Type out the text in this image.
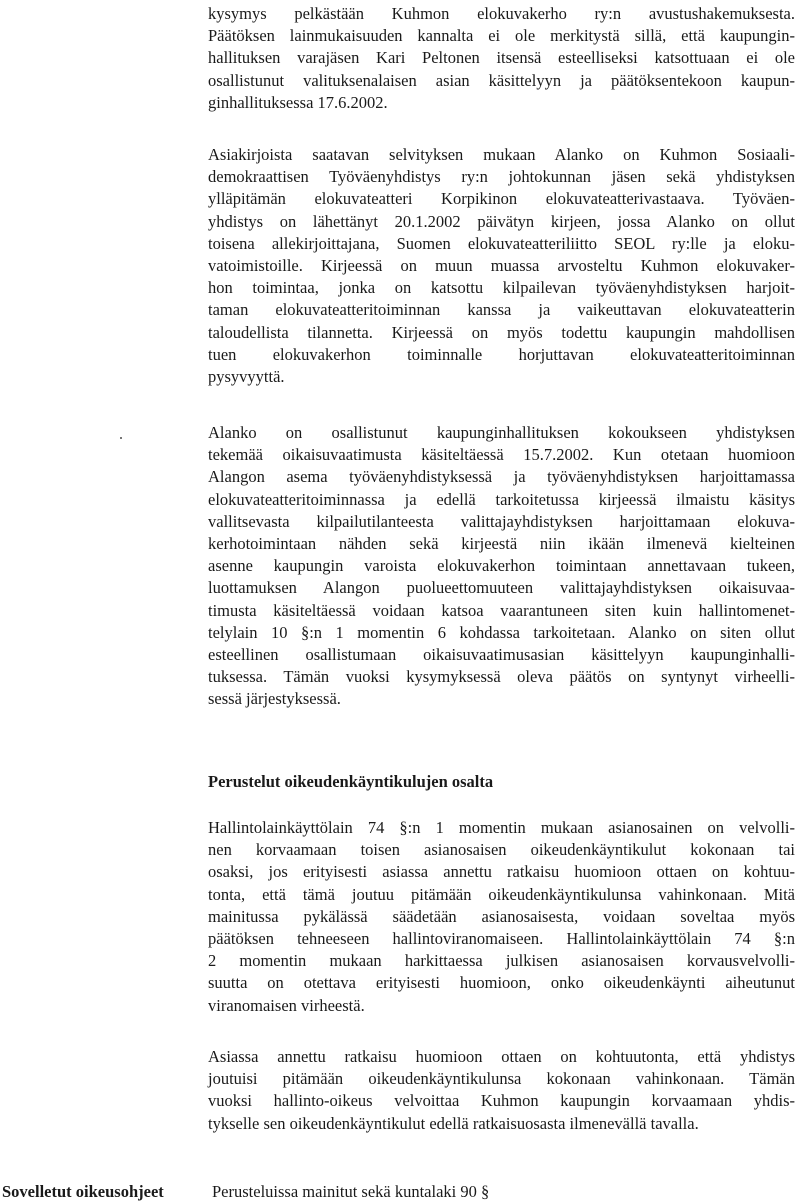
kysymys pelkästään Kuhmon elokuvakerho ry:n avustushakemuksesta.
Päätöksen lainmukaisuuden kannalta ei ole merkitystä sillä, että kaupungin-
hallituksen varajäsen Kari Peltonen itsensä esteelliseksi katsottuaan ei ole
osallistunut valituksenalaisen asian käsittelyyn ja päätöksentekoon kaupun-
ginhallituksessa 17.6.2002.
Asiakirjoista saatavan selvityksen mukaan Alanko on Kuhmon Sosiaali-
demokraattisen Työväenyhdistys ry:n johtokunnan jäsen sekä yhdistyksen
ylläpitämän elokuvateatteri Korpikinon elokuvateatterivastaava. Työväen-
yhdistys on lähettänyt 20.1.2002 päivätyn kirjeen, jossa Alanko on ollut
toisena allekirjoittajana, Suomen elokuvateatteriliitto SEOL ry:lle ja eloku-
vatoimistoille. Kirjeessä on muun muassa arvosteltu Kuhmon elokuvaker-
hon toimintaa, jonka on katsottu kilpailevan työväenyhdistyksen harjoit-
taman elokuvateatteritoiminnan kanssa ja vaikeuttavan elokuvateatterin
taloudellista tilannetta. Kirjeessä on myös todettu kaupungin mahdollisen
tuen elokuvakerhon toiminnalle horjuttavan elokuvateatteritoiminnan
pysyvyyttä.
Alanko on osallistunut kaupunginhallituksen kokoukseen yhdistyksen
tekemää oikaisuvaatimusta käsiteltäessä 15.7.2002. Kun otetaan huomioon
Alangon asema työväenyhdistyksessä ja työväenyhdistyksen harjoittamassa
elokuvateatteritoiminnassa ja edellä tarkoitetussa kirjeessä ilmaistu käsitys
vallitsevasta kilpailutilanteesta valittajayhdistyksen harjoittamaan elokuva-
kerhotoimintaan nähden sekä kirjeestä niin ikään ilmenevä kielteinen
asenne kaupungin varoista elokuvakerhon toimintaan annettavaan tukeen,
luottamuksen Alangon puolueettomuuteen valittajayhdistyksen oikaisuvaa-
timusta käsiteltäessä voidaan katsoa vaarantuneen siten kuin hallintomenet-
telylain 10 §:n 1 momentin 6 kohdassa tarkoitetaan. Alanko on siten ollut
esteellinen osallistumaan oikaisuvaatimusasian käsittelyyn kaupunginhalli-
tuksessa. Tämän vuoksi kysymyksessä oleva päätös on syntynyt virheelli-
sessä järjestyksessä.
Perustelut oikeudenkäyntikulujen osalta
Hallintolainkäyttölain 74 §:n 1 momentin mukaan asianosainen on velvolli-
nen korvaamaan toisen asianosaisen oikeudenkäyntikulut kokonaan tai
osaksi, jos erityisesti asiassa annettu ratkaisu huomioon ottaen on kohtuu-
tonta, että tämä joutuu pitämään oikeudenkäyntikulunsa vahinkonaan. Mitä
mainitussa pykälässä säädetään asianosaisesta, voidaan soveltaa myös
päätöksen tehneeseen hallintoviranomaiseen. Hallintolainkäyttölain 74 §:n
2 momentin mukaan harkittaessa julkisen asianosaisen korvausvelvolli-
suutta on otettava erityisesti huomioon, onko oikeudenkäynti aiheutunut
viranomaisen virheestä.
Asiassa annettu ratkaisu huomioon ottaen on kohtuutonta, että yhdistys
joutuisi pitämään oikeudenkäyntikulunsa kokonaan vahinkonaan. Tämän
vuoksi hallinto-oikeus velvoittaa Kuhmon kaupungin korvaamaan yhdis-
tykselle sen oikeudenkäyntikulut edellä ratkaisuosasta ilmenevällä tavalla.
Sovelletut oikeusohjeet	Perusteluissa mainitut sekä kuntalaki 90 §
